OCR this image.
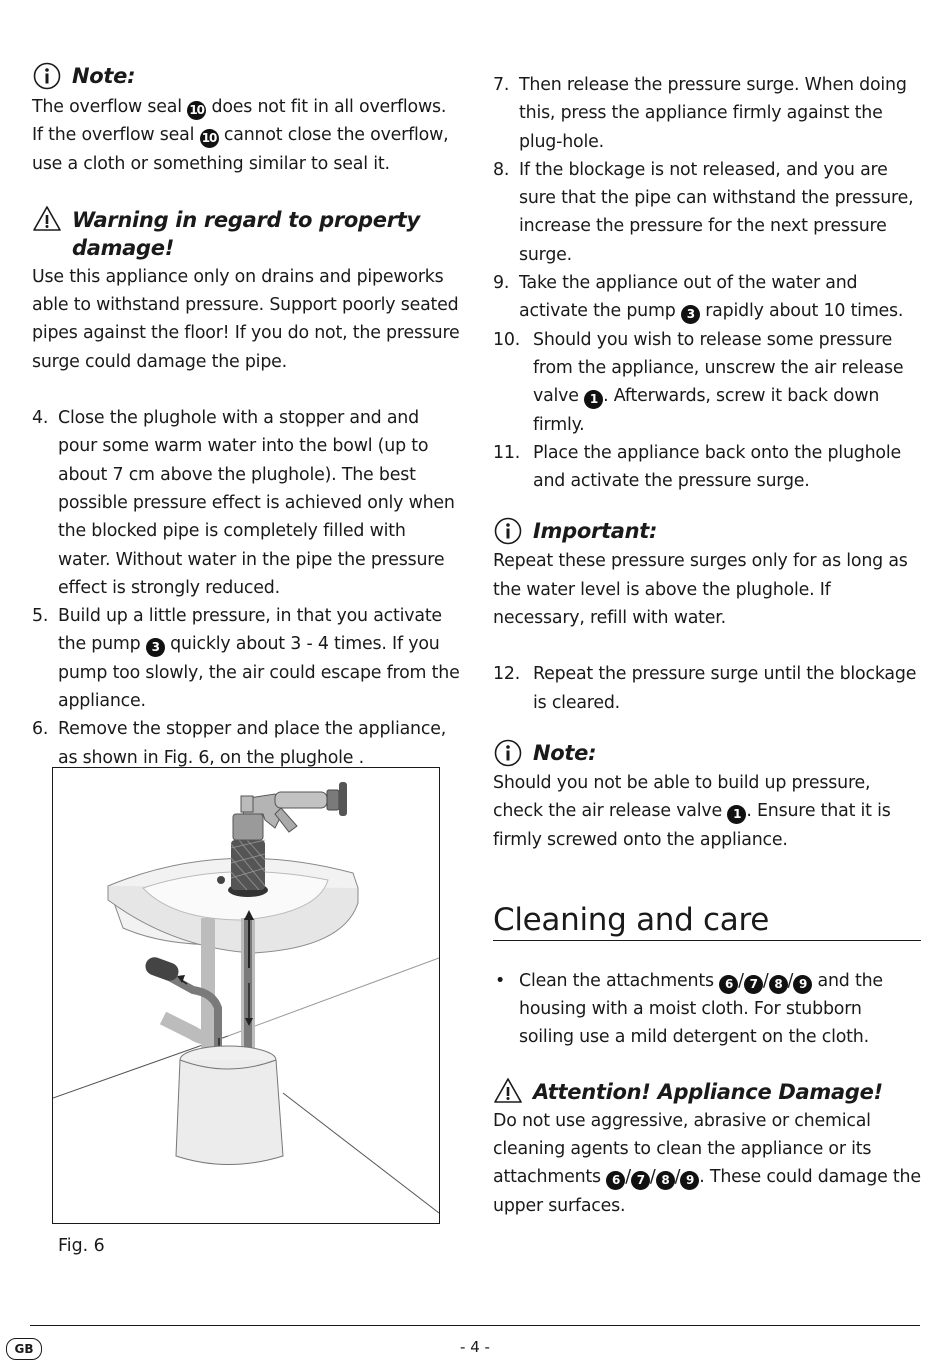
Note:
The overflow seal 10 does not fit in all overflows.
If the overflow seal 10 cannot close the overflow,
use a cloth or something similar to seal it.
Warning in regard to property
damage!
Use this appliance only on drains and pipeworks able to withstand pressure. Support poorly seated pipes against the floor! If you do not, the pressure surge could damage the pipe.
4. Close the plughole with a stopper and and pour some warm water into the bowl (up to about 7 cm above the plughole). The best possible pressure effect is achieved only when the blocked pipe is completely filled with water. Without water in the pipe the pressure effect is strongly reduced.
5. Build up a little pressure, in that you activate the pump 3 quickly about 3 - 4 times. If you pump too slowly, the air could escape from the appliance.
6. Remove the stopper and place the appliance, as shown in Fig. 6, on the plughole .
Fig. 6
7. Then release the pressure surge. When doing this, press the appliance firmly against the plug-hole.
8. If the blockage is not released, and you are sure that the pipe can withstand the pressure, increase the pressure for the next pressure surge.
9. Take the appliance out of the water and activate the pump 3 rapidly about 10 times.
10. Should you wish to release some pressure from the appliance, unscrew the air release valve 1 . Afterwards, screw it back down firmly.
11. Place the appliance back onto the plughole and activate the pressure surge.
Important:
Repeat these pressure surges only for as long as the water level is above the plughole. If necessary, refill with water.
12. Repeat the pressure surge until the blockage is cleared.
Note:
Should you not be able to build up pressure, check the air release valve 1 . Ensure that it is firmly screwed onto the appliance.
Cleaning and care
• Clean the attachments 6 / 7 / 8 / 9 and the housing with a moist cloth. For stubborn soiling use a mild detergent on the cloth.
Attention! Appliance Damage!
Do not use aggressive, abrasive or chemical cleaning agents to clean the appliance or its attachments 6 / 7 / 8 / 9 . These could damage the upper surfaces.
GB	- 4 -
